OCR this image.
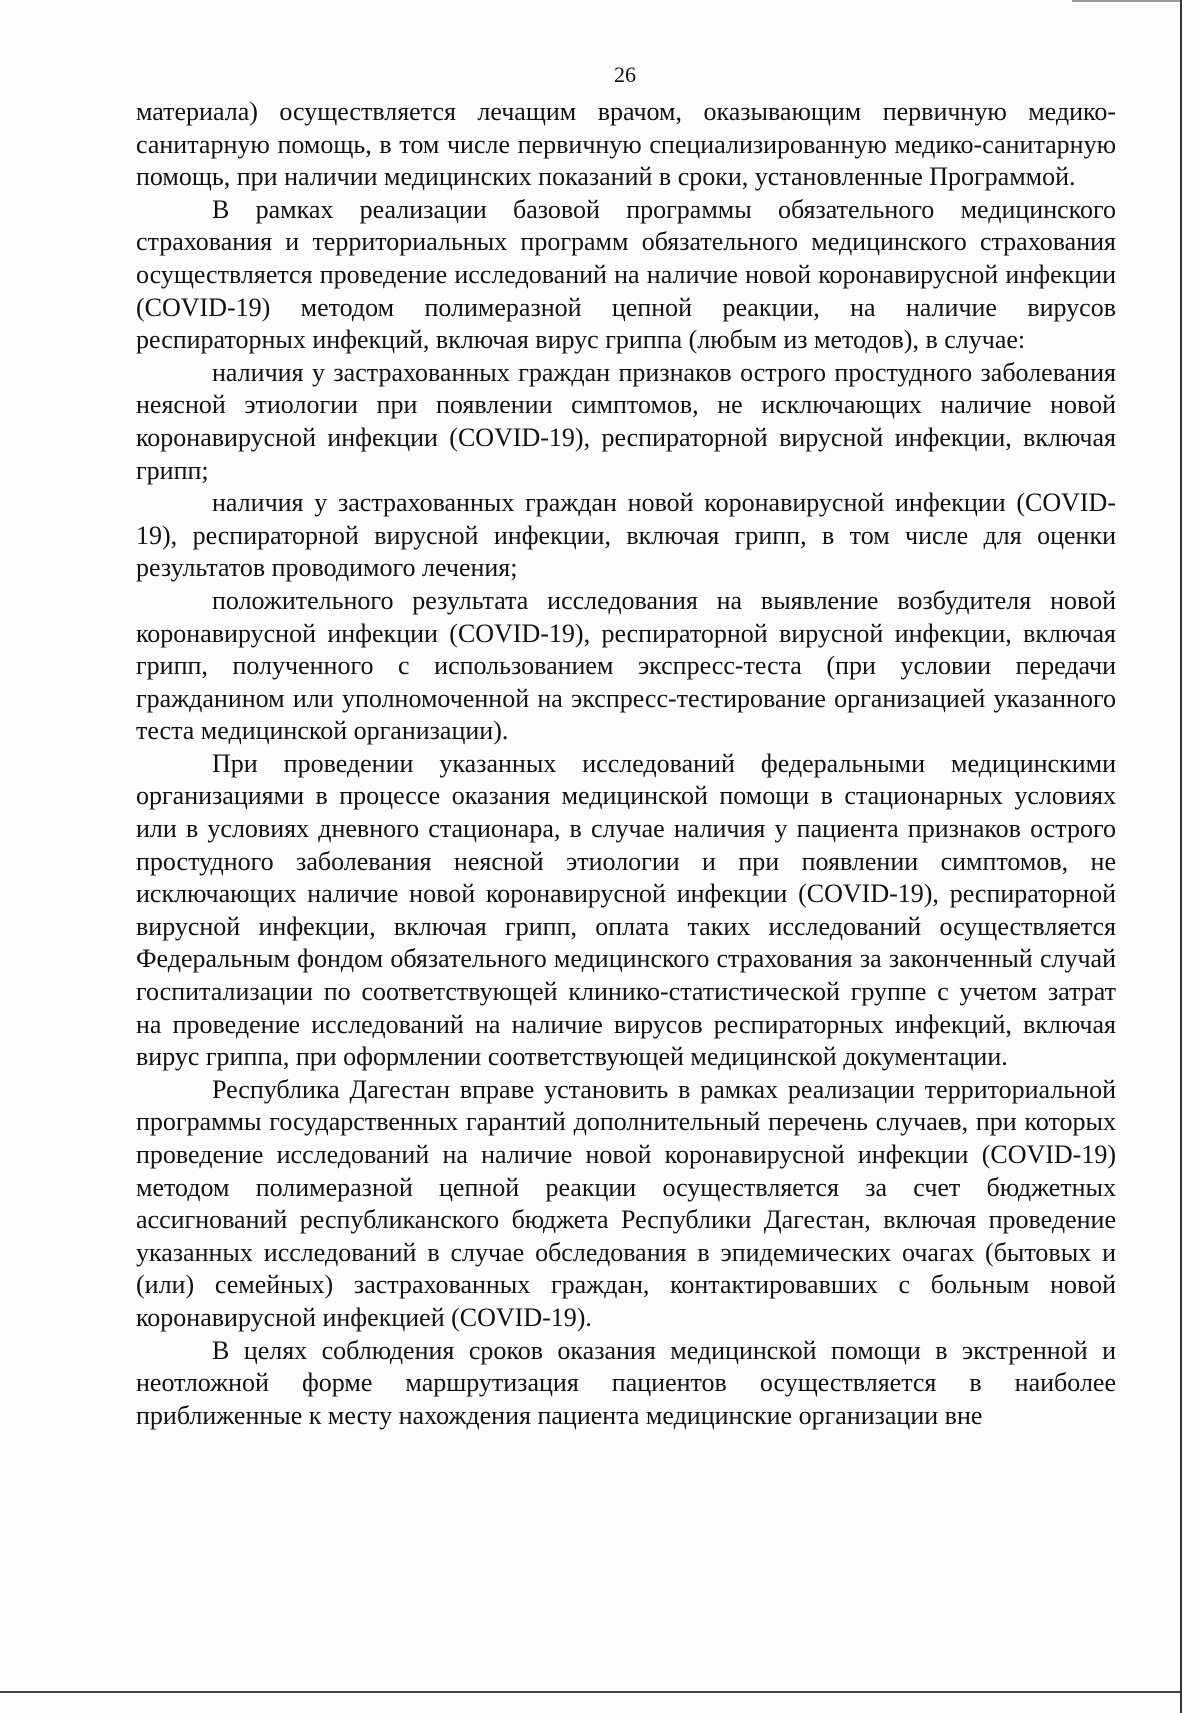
26

материала) осуществляется лечащим врачом, оказывающим первичную медико-санитарную помощь, в том числе первичную специализированную медико-санитарную помощь, при наличии медицинских показаний в сроки, установленные Программой.

В рамках реализации базовой программы обязательного медицинского страхования и территориальных программ обязательного медицинского страхования осуществляется проведение исследований на наличие новой коронавирусной инфекции (COVID-19) методом полимеразной цепной реакции, на наличие вирусов респираторных инфекций, включая вирус гриппа (любым из методов), в случае:

наличия у застрахованных граждан признаков острого простудного заболевания неясной этиологии при появлении симптомов, не исключающих наличие новой коронавирусной инфекции (COVID-19), респираторной вирусной инфекции, включая грипп;

наличия у застрахованных граждан новой коронавирусной инфекции (COVID-19), респираторной вирусной инфекции, включая грипп, в том числе для оценки результатов проводимого лечения;

положительного результата исследования на выявление возбудителя новой коронавирусной инфекции (COVID-19), респираторной вирусной инфекции, включая грипп, полученного с использованием экспресс-теста (при условии передачи гражданином или уполномоченной на экспресс-тестирование организацией указанного теста медицинской организации).

При проведении указанных исследований федеральными медицинскими организациями в процессе оказания медицинской помощи в стационарных условиях или в условиях дневного стационара, в случае наличия у пациента признаков острого простудного заболевания неясной этиологии и при появлении симптомов, не исключающих наличие новой коронавирусной инфекции (COVID-19), респираторной вирусной инфекции, включая грипп, оплата таких исследований осуществляется Федеральным фондом обязательного медицинского страхования за законченный случай госпитализации по соответствующей клинико-статистической группе с учетом затрат на проведение исследований на наличие вирусов респираторных инфекций, включая вирус гриппа, при оформлении соответствующей медицинской документации.

Республика Дагестан вправе установить в рамках реализации территориальной программы государственных гарантий дополнительный перечень случаев, при которых проведение исследований на наличие новой коронавирусной инфекции (COVID-19) методом полимеразной цепной реакции осуществляется за счет бюджетных ассигнований республиканского бюджета Республики Дагестан, включая проведение указанных исследований в случае обследования в эпидемических очагах (бытовых и (или) семейных) застрахованных граждан, контактировавших с больным новой коронавирусной инфекцией (COVID-19).

В целях соблюдения сроков оказания медицинской помощи в экстренной и неотложной форме маршрутизация пациентов осуществляется в наиболее приближенные к месту нахождения пациента медицинские организации вне
